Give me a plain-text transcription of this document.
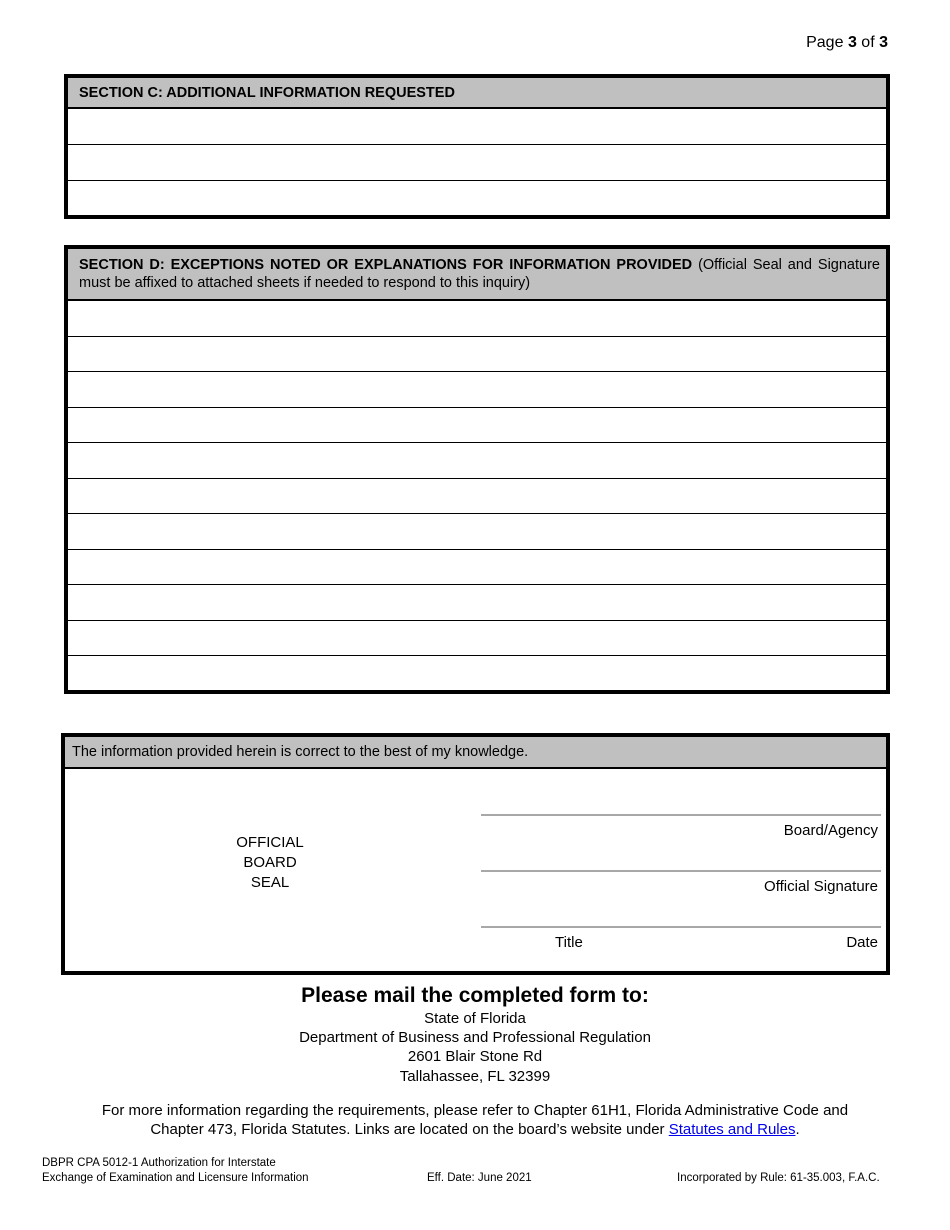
Page 3 of 3
SECTION C: ADDITIONAL INFORMATION REQUESTED
SECTION D: EXCEPTIONS NOTED OR EXPLANATIONS FOR INFORMATION PROVIDED (Official Seal and Signature must be affixed to attached sheets if needed to respond to this inquiry)
The information provided herein is correct to the best of my knowledge.
OFFICIAL
BOARD
SEAL
Board/Agency
Official Signature
Title	Date
Please mail the completed form to:
State of Florida
Department of Business and Professional Regulation
2601 Blair Stone Rd
Tallahassee, FL 32399
For more information regarding the requirements, please refer to Chapter 61H1, Florida Administrative Code and Chapter 473, Florida Statutes. Links are located on the board’s website under Statutes and Rules.
DBPR CPA 5012-1 Authorization for Interstate
Exchange of Examination and Licensure Information	Eff. Date: June 2021	Incorporated by Rule: 61-35.003, F.A.C.
